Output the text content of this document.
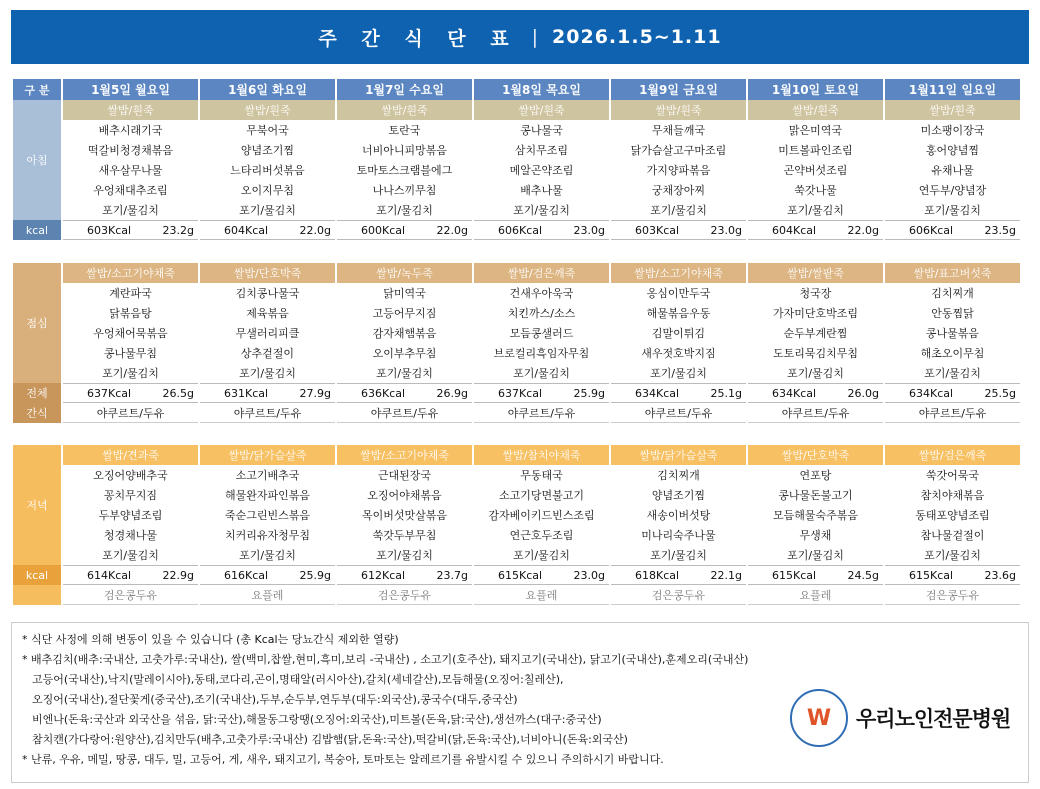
주 간 식 단 표 | 2026.1.5~1.11
구 분	1월5일 월요일	1월6일 화요일	1월7일 수요일	1월8일 목요일	1월9일 금요일	1월10일 토요일	1월11일 일요일
아침	쌀밥/흰죽	쌀밥/흰죽	쌀밥/흰죽	쌀밥/흰죽	쌀밥/흰죽	쌀밥/흰죽	쌀밥/흰죽
	배추시래기국	무북어국	토란국	콩나물국	무채들깨국	맑은미역국	미소팽이장국
	떡갈비청경채볶음	양념조기찜	너비아니피망볶음	삼치무조림	닭가슴살고구마조림	미트볼파인조림	홍어양념찜
	새우살무나물	느타리버섯볶음	토마토스크램블에그	메알곤약조림	가지양파볶음	곤약버섯조림	유채나물
	우엉채대추조림	오이지무침	나나스끼무침	배추나물	궁채장아찌	쑥갓나물	연두부/양념장
	포기/물김치	포기/물김치	포기/물김치	포기/물김치	포기/물김치	포기/물김치	포기/물김치
kcal	603Kcal 23.2g	604Kcal 22.0g	600Kcal 22.0g	606Kcal 23.0g	603Kcal 23.0g	604Kcal 22.0g	606Kcal 23.5g
점심	쌀밥/소고기야채죽	쌀밥/단호박죽	쌀밥/녹두죽	쌀밥/검은깨죽	쌀밥/소고기야채죽	쌀밥/쌀팥죽	쌀밥/표고버섯죽
	계란파국	김치콩나물국	닭미역국	건새우아욱국	옹심이만두국	청국장	김치찌개
	닭볶음탕	제육볶음	고등어무지짐	치킨까스/소스	해물볶음우동	가자미단호박조림	안동찜닭
	우엉채어묵볶음	무샐러리피클	감자채햄볶음	모듬콩샐러드	김말이튀김	순두부계란찜	콩나물볶음
	콩나물무침	상추겉절이	오이부추무침	브로컬리흑임자무침	새우젓호박지짐	도토리묵김치무침	해초오이무침
	포기/물김치	포기/물김치	포기/물김치	포기/물김치	포기/물김치	포기/물김치	포기/물김치
전체	637Kcal 26.5g	631Kcal 27.9g	636Kcal 26.9g	637Kcal 25.9g	634Kcal 25.1g	634Kcal 26.0g	634Kcal 25.5g

간식	야쿠르트/두유	야쿠르트/두유	야쿠르트/두유	야쿠르트/두유	야쿠르트/두유	야쿠르트/두유	야쿠르트/두유
저녁	쌀밥/견과죽	쌀밥/닭가슴살죽	쌀밥/소고기야채죽	쌀밥/참치야채죽	쌀밥/닭가슴살죽	쌀밥/단호박죽	쌀밥/검은깨죽
	오징어양배추국	소고기배추국	근대된장국	무동태국	김치찌개	연포탕	쑥갓어묵국
	꽁치무지짐	해물완자파인볶음	오징어야채볶음	소고기당면불고기	양념조기찜	콩나물돈불고기	참치야채볶음
	두부양념조림	죽순그린빈스볶음	목이버섯맛살볶음	감자베이키드빈스조림	새송이버섯탕	모듬해물숙주볶음	동태포양념조림
	청경채나물	치커리유자청무침	쑥갓두부무침	연근호두조림	미나리숙주나물	무생채	참나물겉절이
	포기/물김치	포기/물김치	포기/물김치	포기/물김치	포기/물김치	포기/물김치	포기/물김치
kcal	614Kcal 22.9g	616Kcal 25.9g	612Kcal 23.7g	615Kcal 23.0g	618Kcal 22.1g	615Kcal 24.5g	615Kcal 23.6g

	검은콩두유	요플레	검은콩두유	요플레	검은콩두유	요플레	검은콩두유

* 식단 사정에 의해 변동이 있을 수 있습니다 (총 Kcal는 당뇨간식 제외한 열량)

* 배추김치(배추:국내산, 고춧가루:국내산), 쌀(백미,찹쌀,현미,흑미,보리 -국내산) , 소고기(호주산), 돼지고기(국내산), 닭고기(국내산),훈제오리(국내산)

고등어(국내산),낙지(말레이시아),동태,코다리,곤이,명태알(러시아산),갈치(세네갈산),모듬해물(오징어:칠레산),

오징어(국내산),절단꽃게(중국산),조기(국내산),두부,순두부,연두부(대두:외국산),콩국수(대두,중국산)

비엔나(돈육:국산과 외국산을 섞음, 닭:국산),해물동그랑땡(오징어:외국산),미트볼(돈육,닭:국산),생선까스(대구:중국산)

참치캔(가다랑어:원양산),김치만두(배추,고춧가루:국내산) 김밥햄(닭,돈육:국산),떡갈비(닭,돈육:국산),너비아니(돈육:외국산)

* 난류, 우유, 메밀, 땅콩, 대두, 밀, 고등어, 게, 새우, 돼지고기, 복숭아, 토마토는 알레르기를 유발시킬 수 있으니 주의하시기 바랍니다.

W 우리노인전문병원
